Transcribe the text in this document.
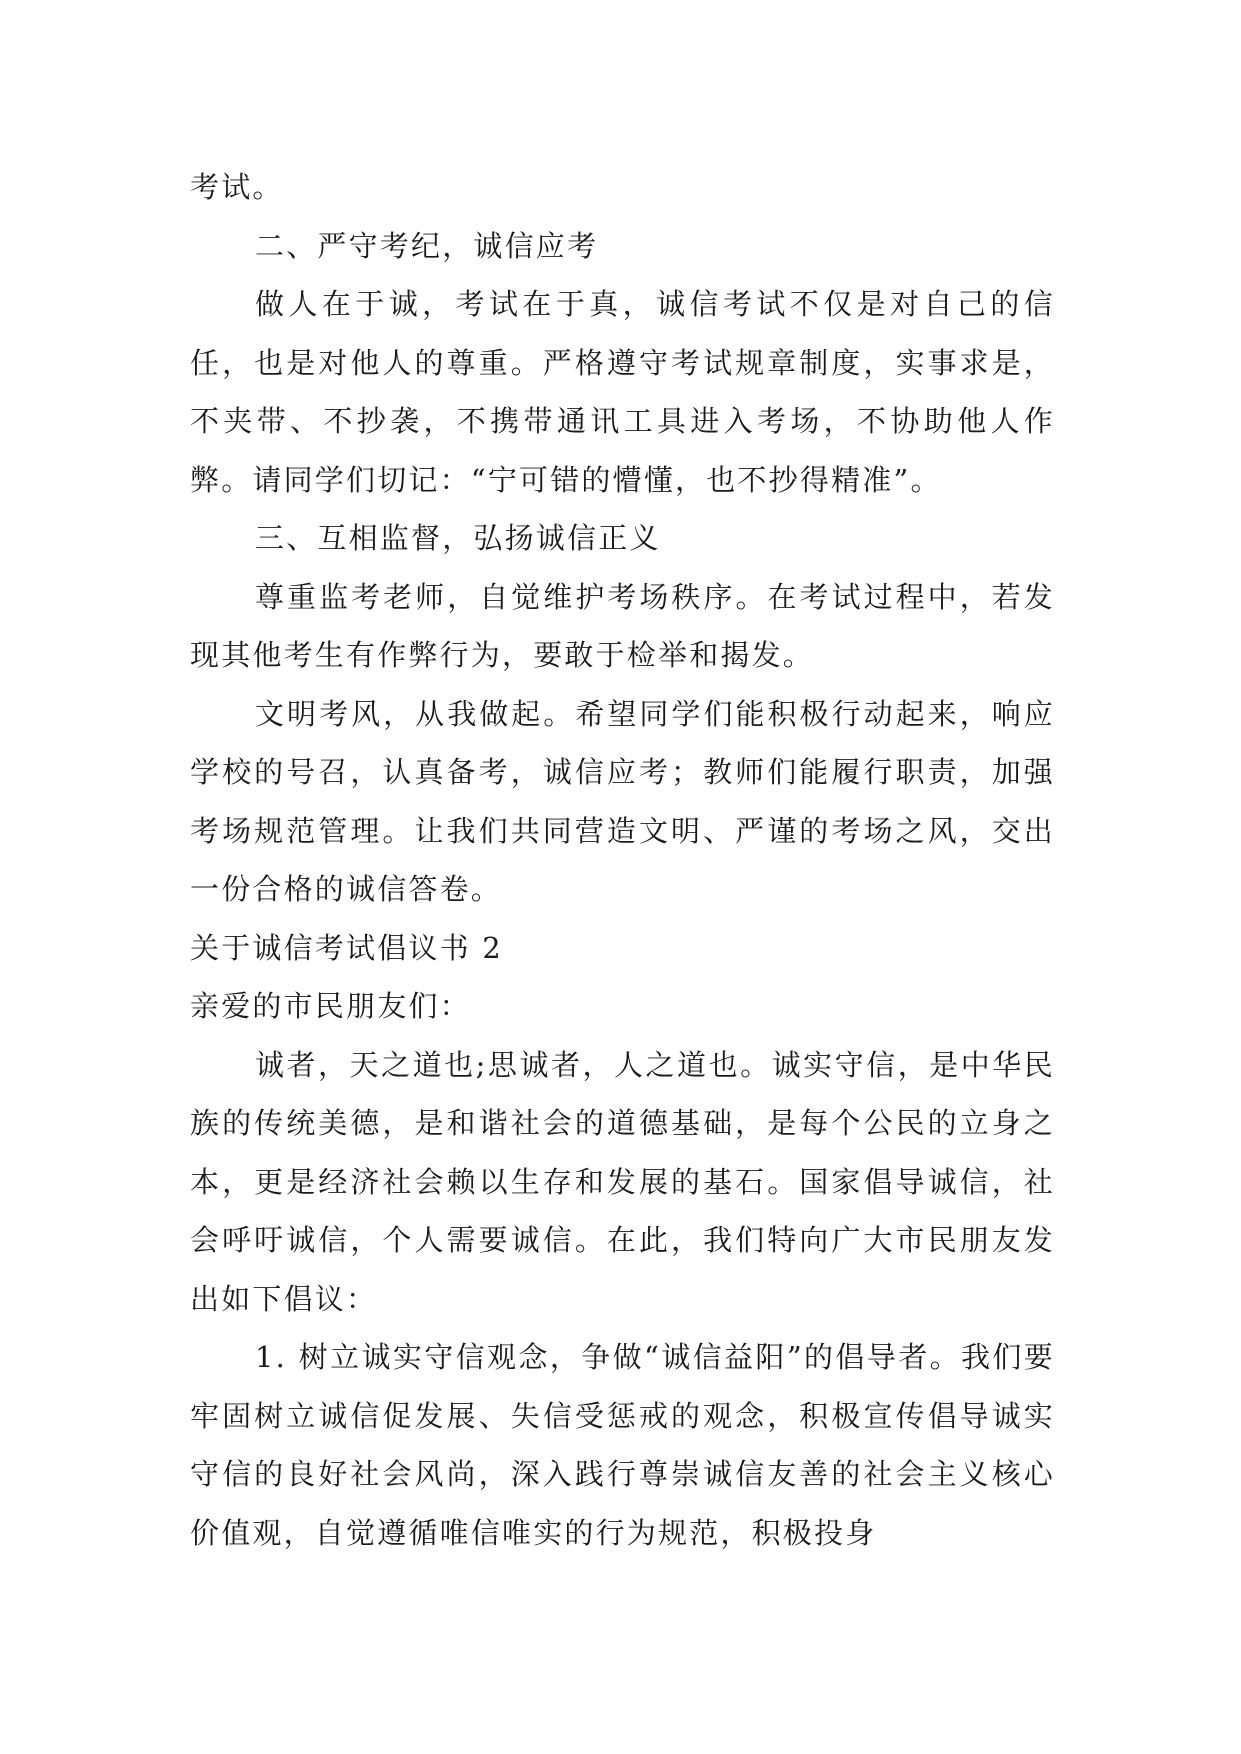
考试。

二、严守考纪，诚信应考

做人在于诚，考试在于真，诚信考试不仅是对自己的信任，也是对他人的尊重。严格遵守考试规章制度，实事求是，不夹带、不抄袭，不携带通讯工具进入考场，不协助他人作弊。请同学们切记：“宁可错的懵懂，也不抄得精准”。

三、互相监督，弘扬诚信正义

尊重监考老师，自觉维护考场秩序。在考试过程中，若发现其他考生有作弊行为，要敢于检举和揭发。

文明考风，从我做起。希望同学们能积极行动起来，响应学校的号召，认真备考，诚信应考；教师们能履行职责，加强考场规范管理。让我们共同营造文明、严谨的考场之风，交出一份合格的诚信答卷。

关于诚信考试倡议书 2

亲爱的市民朋友们：

诚者，天之道也;思诚者，人之道也。诚实守信，是中华民族的传统美德，是和谐社会的道德基础，是每个公民的立身之本，更是经济社会赖以生存和发展的基石。国家倡导诚信，社会呼吁诚信，个人需要诚信。在此，我们特向广大市民朋友发出如下倡议：

1. 树立诚实守信观念，争做“诚信益阳”的倡导者。我们要牢固树立诚信促发展、失信受惩戒的观念，积极宣传倡导诚实守信的良好社会风尚，深入践行尊崇诚信友善的社会主义核心价值观，自觉遵循唯信唯实的行为规范，积极投身
